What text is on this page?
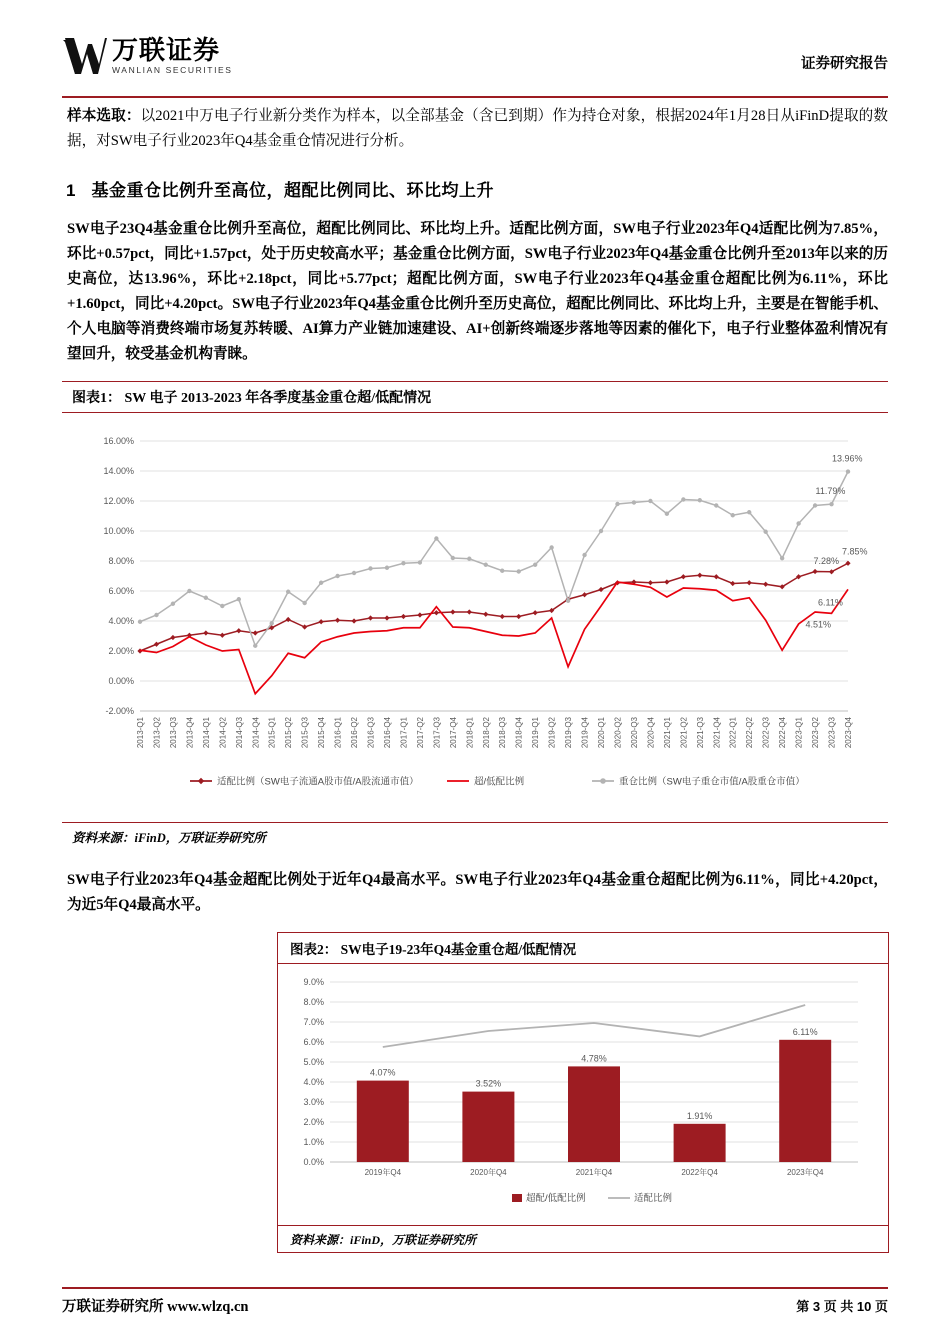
万联证券
WANLIAN SECURITIES	证券研究报告

样本选取：以2021中万电子行业新分类作为样本，以全部基金（含已到期）作为持仓对象，根据2024年1月28日从iFinD提取的数据，对SW电子行业2023年Q4基金重仓情况进行分析。

1 基金重仓比例升至高位，超配比例同比、环比均上升

SW电子23Q4基金重仓比例升至高位，超配比例同比、环比均上升。适配比例方面，SW电子行业2023年Q4适配比例为7.85%，环比+0.57pct，同比+1.57pct，处于历史较高水平；基金重仓比例方面，SW电子行业2023年Q4基金重仓比例升至2013年以来的历史高位，达13.96%，环比+2.18pct，同比+5.77pct；超配比例方面，SW电子行业2023年Q4基金重仓超配比例为6.11%，环比+1.60pct，同比+4.20pct。SW电子行业2023年Q4基金重仓比例升至历史高位，超配比例同比、环比均上升，主要是在智能手机、个人电脑等消费终端市场复苏转暖、AI算力产业链加速建设、AI+创新终端逐步落地等因素的催化下，电子行业整体盈利情况有望回升，较受基金机构青睐。

图表1： SW 电子 2013-2023 年各季度基金重仓超/低配情况
-2.00%
0.00%
2.00%
4.00%
6.00%
8.00%
10.00%
12.00%
14.00%
16.00%
2013-Q1 2013-Q2 2013-Q3 2013-Q4 2014-Q1 2014-Q2 2014-Q3 2014-Q4 2015-Q1 2015-Q2 2015-Q3 2015-Q4 2016-Q1 2016-Q2 2016-Q3 2016-Q4 2017-Q1 2017-Q2 2017-Q3 2017-Q4 2018-Q1 2018-Q2 2018-Q3 2018-Q4 2019-Q1 2019-Q2 2019-Q3 2019-Q4 2020-Q1 2020-Q2 2020-Q3 2020-Q4 2021-Q1 2021-Q2 2021-Q3 2021-Q4 2022-Q1 2022-Q2 2022-Q3 2022-Q4 2023-Q1 2023-Q2 2023-Q3 2023-Q4
13.96%
11.79%
7.85%
7.28%
6.11%
4.51%
适配比例（SW电子流通A股市值/A股流通市值）	超/低配比例	重仓比例（SW电子重仓市值/A股重仓市值）
资料来源：iFinD，万联证券研究所

SW电子行业2023年Q4基金超配比例处于近年Q4最高水平。SW电子行业2023年Q4基金重仓超配比例为6.11%，同比+4.20pct，为近5年Q4最高水平。

图表2： SW电子19-23年Q4基金重仓超/低配情况
0.0%
1.0%
2.0%
3.0%
4.0%
5.0%
6.0%
7.0%
8.0%
9.0%
4.07%
3.52%
4.78%
1.91%
6.11%
2019年Q4	2020年Q4	2021年Q4	2022年Q4	2023年Q4
超配/低配比例	适配比例
资料来源：iFinD，万联证券研究所
万联证券研究所 www.wlzq.cn	第 3 页 共 10 页
